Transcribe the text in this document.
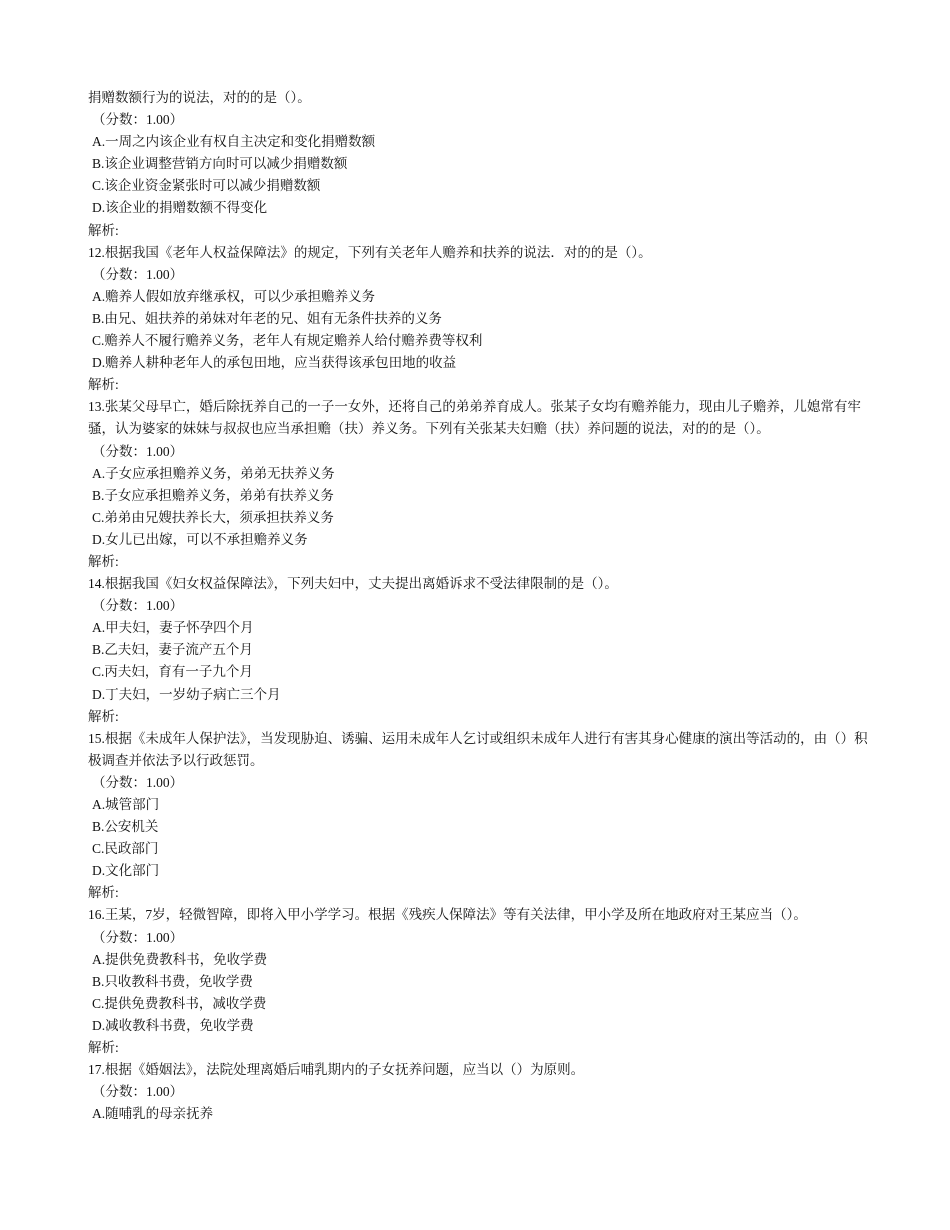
捐赠数额行为的说法，对的的是（）。
（分数：1.00）
A.一周之内该企业有权自主决定和变化捐赠数额
B.该企业调整营销方向时可以减少捐赠数额
C.该企业资金紧张时可以减少捐赠数额
D.该企业的捐赠数额不得变化
解析:
12.根据我国《老年人权益保障法》的规定，下列有关老年人赡养和扶养的说法．对的的是（）。
（分数：1.00）
A.赡养人假如放弃继承权，可以少承担赡养义务
B.由兄、姐扶养的弟妹对年老的兄、姐有无条件扶养的义务
C.赡养人不履行赡养义务，老年人有规定赡养人给付赡养费等权利
D.赡养人耕种老年人的承包田地，应当获得该承包田地的收益
解析:
13.张某父母早亡，婚后除抚养自己的一子一女外，还将自己的弟弟养育成人。张某子女均有赡养能力，现由儿子赡养，儿媳常有牢骚，认为婆家的妹妹与叔叔也应当承担赡（扶）养义务。下列有关张某夫妇赡（扶）养问题的说法，对的的是（）。
（分数：1.00）
A.子女应承担赡养义务，弟弟无扶养义务
B.子女应承担赡养义务，弟弟有扶养义务
C.弟弟由兄嫂扶养长大，须承担扶养义务
D.女儿已出嫁，可以不承担赡养义务
解析:
14.根据我国《妇女权益保障法》，下列夫妇中，丈夫提出离婚诉求不受法律限制的是（）。
（分数：1.00）
A.甲夫妇，妻子怀孕四个月
B.乙夫妇，妻子流产五个月
C.丙夫妇，育有一子九个月
D.丁夫妇，一岁幼子病亡三个月
解析:
15.根据《未成年人保护法》，当发现胁迫、诱骗、运用未成年人乞讨或组织未成年人进行有害其身心健康的演出等活动的，由（）积极调查并依法予以行政惩罚。
（分数：1.00）
A.城管部门
B.公安机关
C.民政部门
D.文化部门
解析:
16.王某，7岁，轻微智障，即将入甲小学学习。根据《残疾人保障法》等有关法律，甲小学及所在地政府对王某应当（）。
（分数：1.00）
A.提供免费教科书，免收学费
B.只收教科书费，免收学费
C.提供免费教科书，减收学费
D.减收教科书费，免收学费
解析:
17.根据《婚姻法》，法院处理离婚后哺乳期内的子女抚养问题，应当以（）为原则。
（分数：1.00）
A.随哺乳的母亲抚养
